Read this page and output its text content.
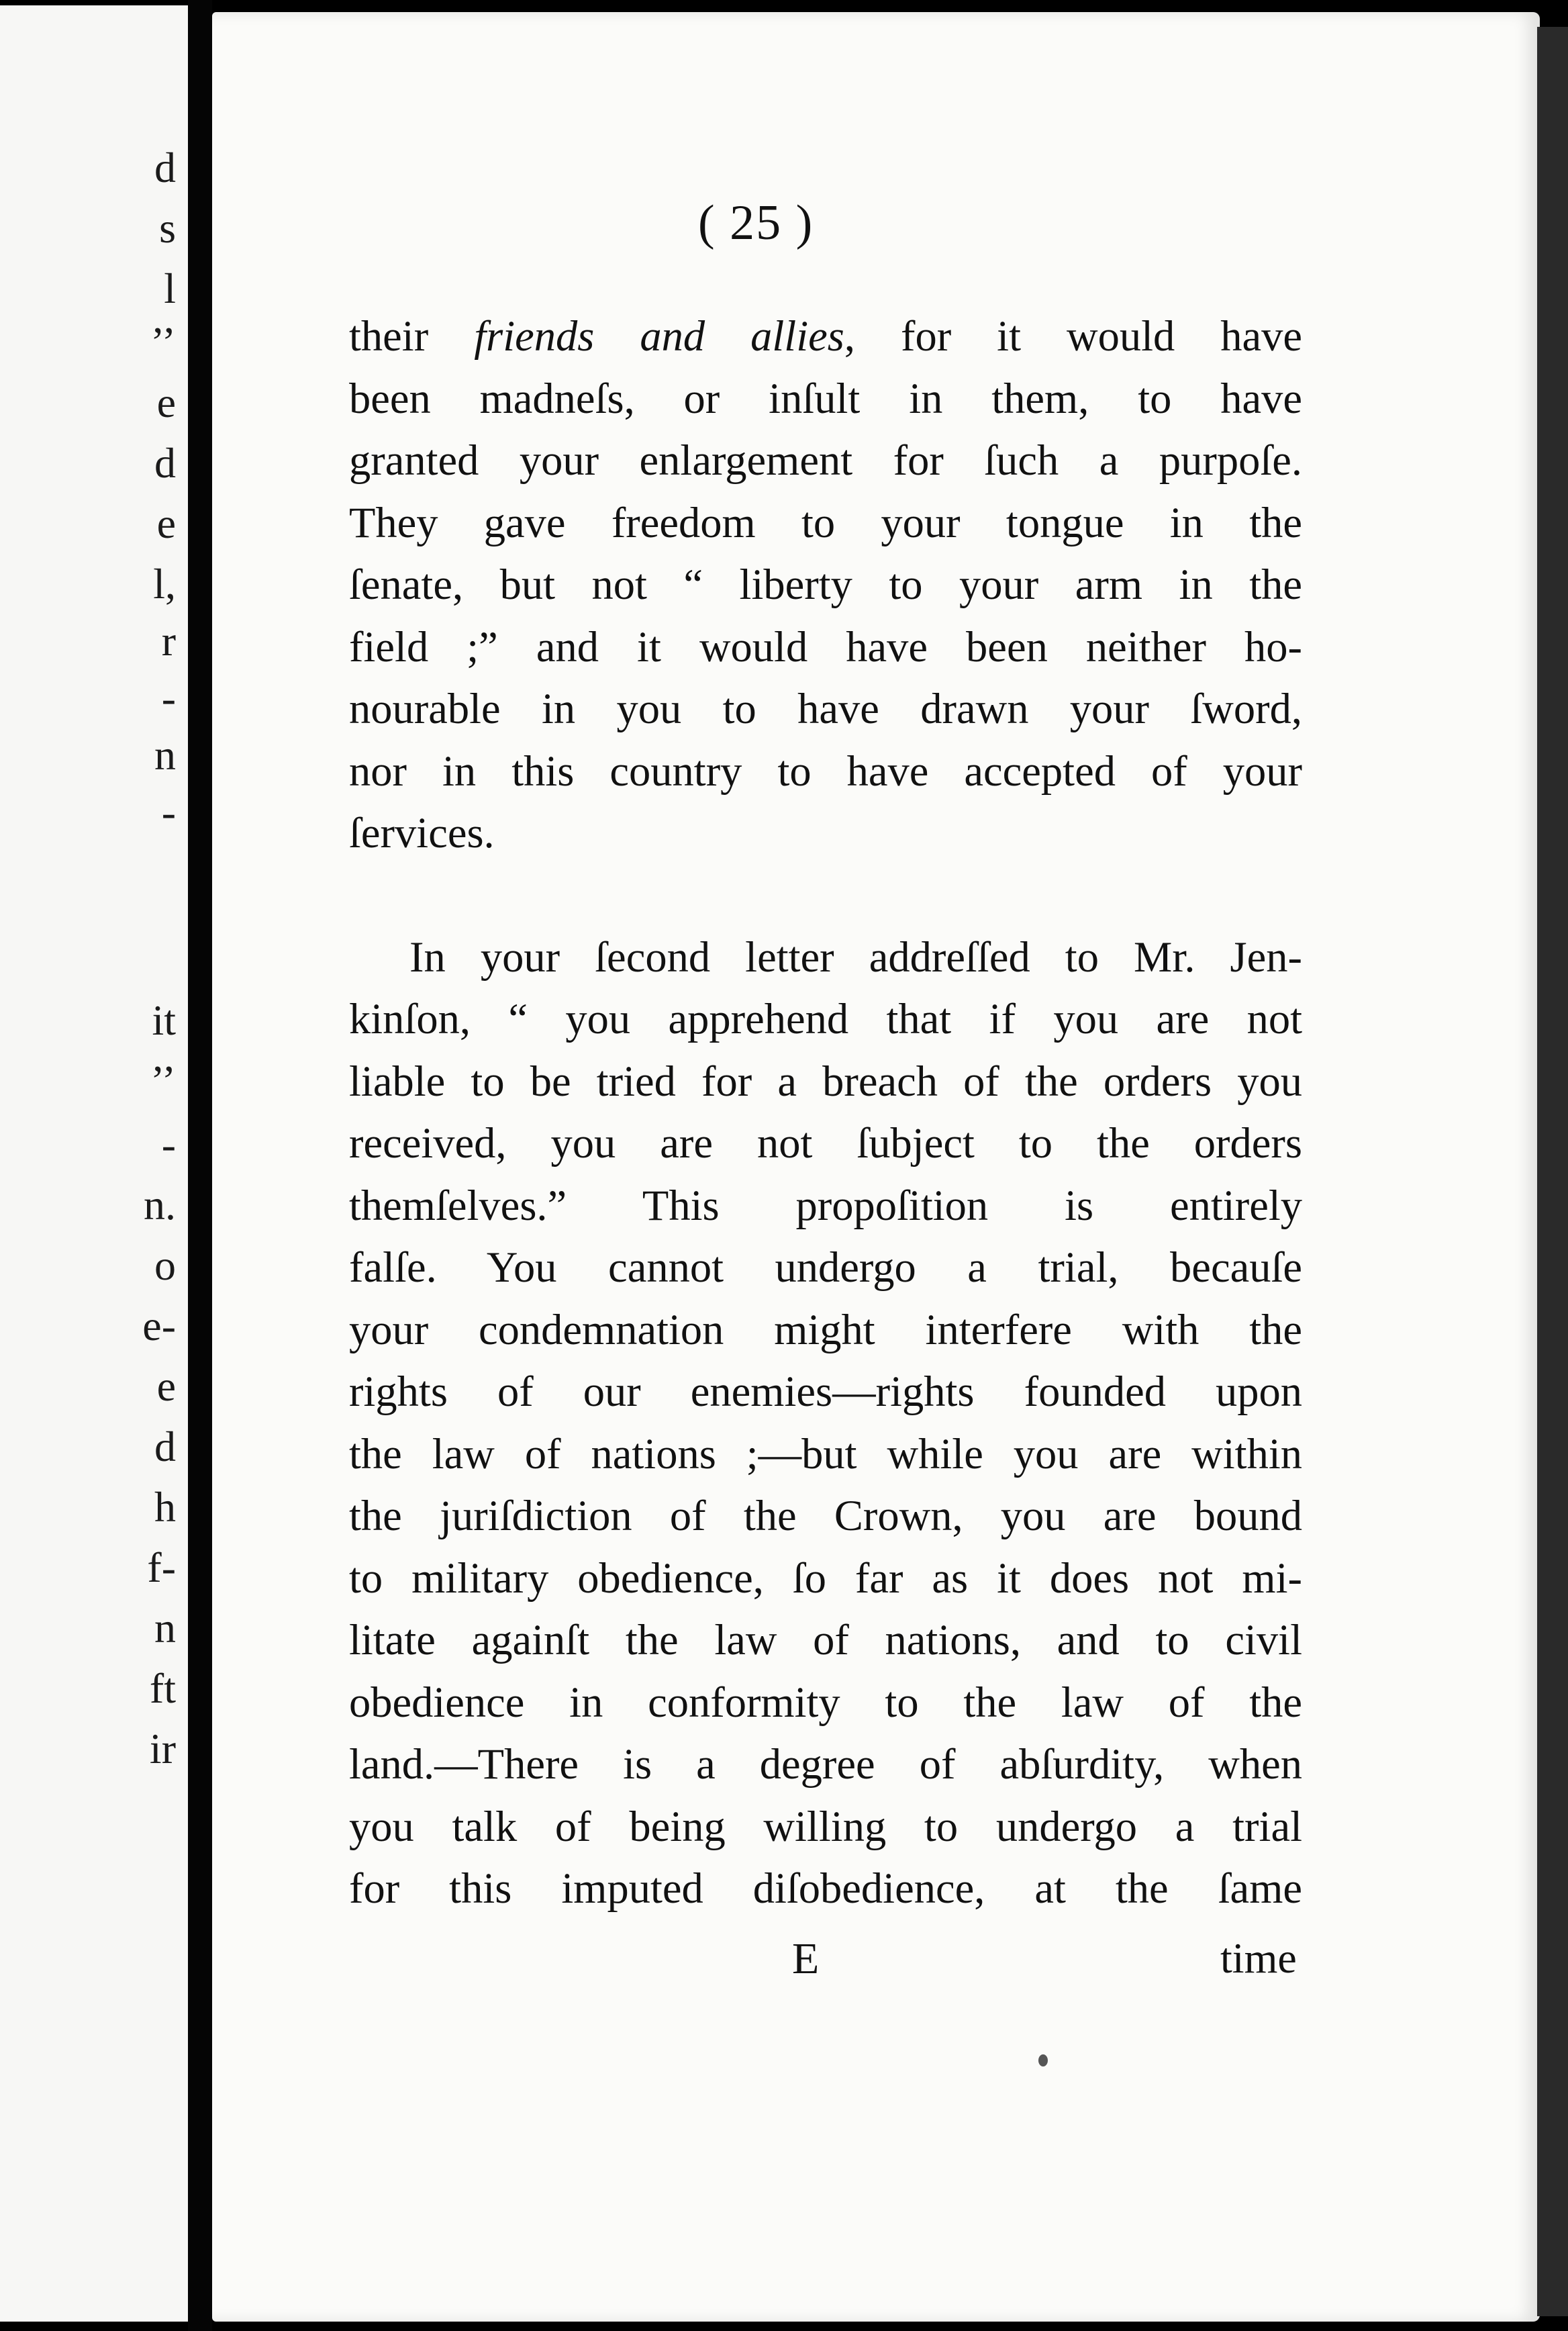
d
s
l
’’
e
d
e
l,
r
-
n
-
it
’’
-
n.
o
e-
e
d
h
f-
n
ft
ir
( 25 )
their friends and allies, for it would have
been madneſs, or inſult in them, to have
granted your enlargement for ſuch a purpoſe.
They gave freedom to your tongue in the
ſenate, but not “ liberty to your arm in the
field ;” and it would have been neither ho-
nourable in you to have drawn your ſword,
nor in this country to have accepted of your
ſervices.
In your ſecond letter addreſſed to Mr. Jen-
kinſon, “ you apprehend that if you are not
liable to be tried for a breach of the orders you
received, you are not ſubject to the orders
themſelves.” This propoſition is entirely
falſe. You cannot undergo a trial, becauſe
your condemnation might interfere with the
rights of our enemies—rights founded upon
the law of nations ;—but while you are within
the juriſdiction of the Crown, you are bound
to military obedience, ſo far as it does not mi-
litate againſt the law of nations, and to civil
obedience in conformity to the law of the
land.—There is a degree of abſurdity, when
you talk of being willing to undergo a trial
for this imputed diſobedience, at the ſame
E	time
